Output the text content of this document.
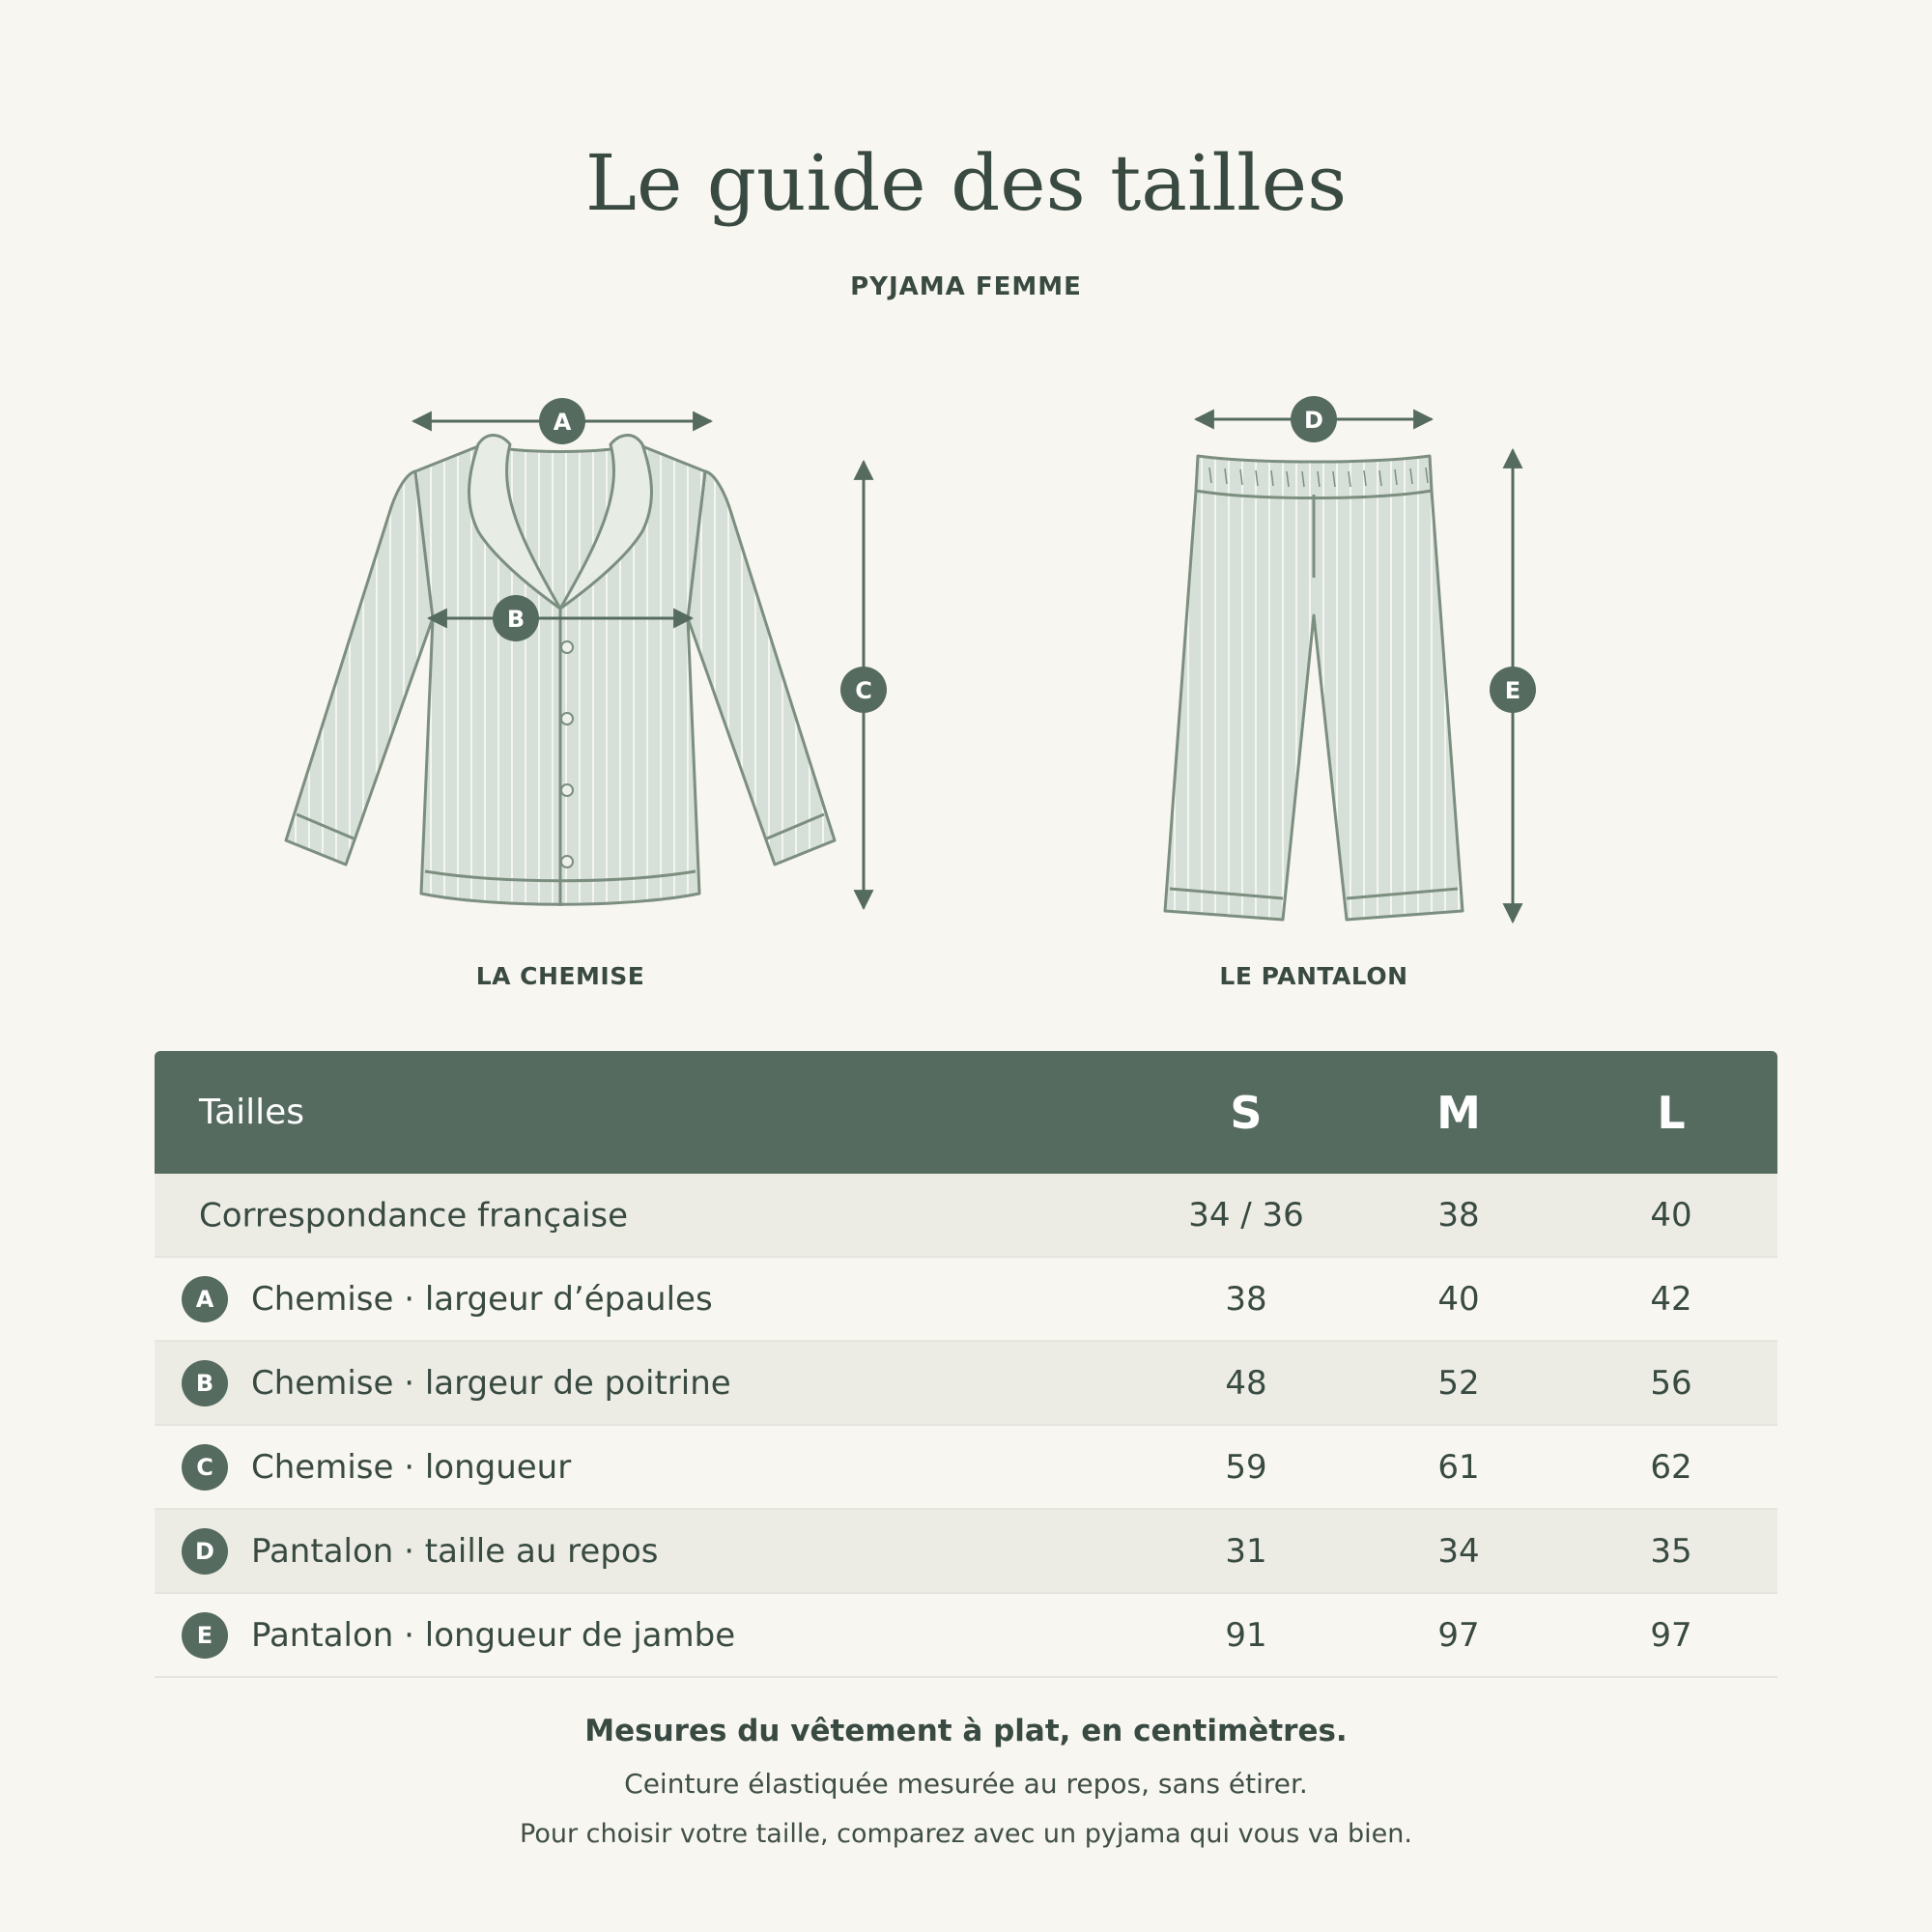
Le guide des tailles
PYJAMA FEMME
A
B
C
D
E
LA CHEMISE	LE PANTALON
Tailles	S	M	L
Correspondance française	34 / 36	38	40
A Chemise · largeur d’épaules	38	40	42
B Chemise · largeur de poitrine	48	52	56
C Chemise · longueur	59	61	62
D Pantalon · taille au repos	31	34	35
E Pantalon · longueur de jambe	91	97	97
Mesures du vêtement à plat, en centimètres.
Ceinture élastiquée mesurée au repos, sans étirer.
Pour choisir votre taille, comparez avec un pyjama qui vous va bien.
